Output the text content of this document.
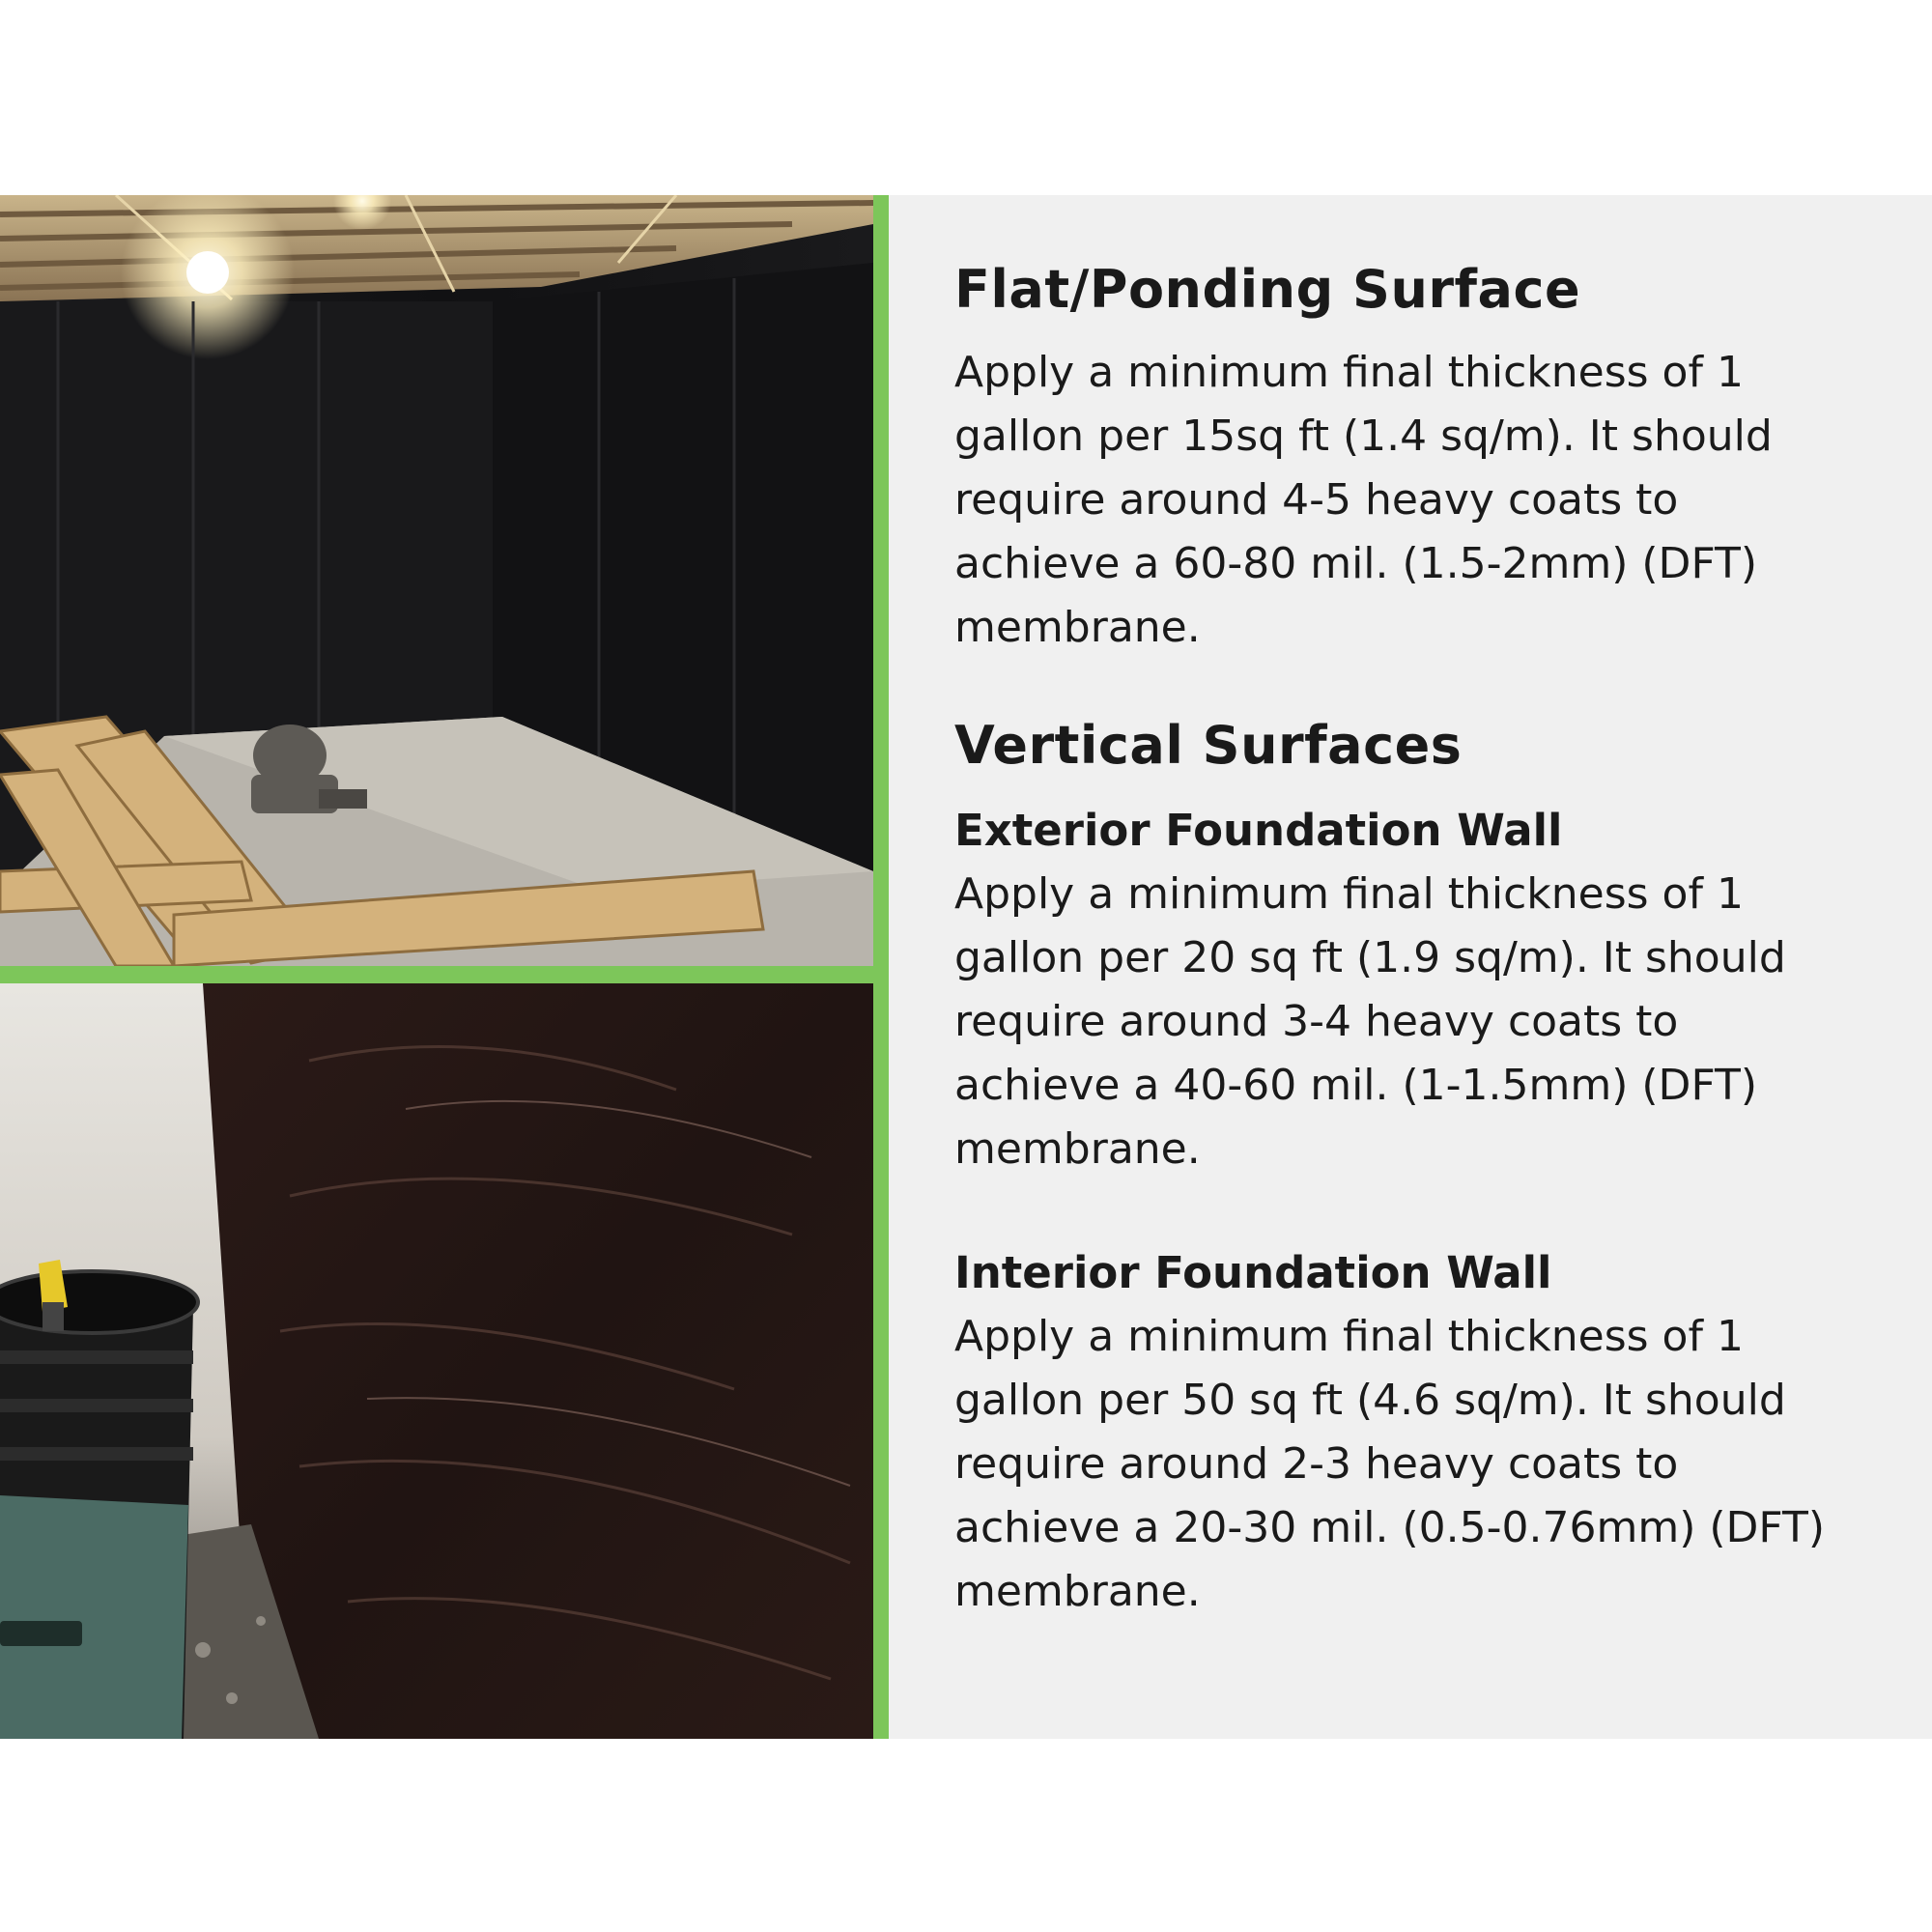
Flat/Ponding Surface

Apply a minimum final thickness of 1
gallon per 15sq ft (1.4 sq/m). It should
require around 4-5 heavy coats to
achieve a 60-80 mil. (1.5-2mm) (DFT)
membrane.

Vertical Surfaces
Exterior Foundation Wall

Apply a minimum final thickness of 1
gallon per 20 sq ft (1.9 sq/m). It should
require around 3-4 heavy coats to
achieve a 40-60 mil. (1-1.5mm) (DFT)
membrane.

Interior Foundation Wall

Apply a minimum final thickness of 1
gallon per 50 sq ft (4.6 sq/m). It should
require around 2-3 heavy coats to
achieve a 20-30 mil. (0.5-0.76mm) (DFT)
membrane.
